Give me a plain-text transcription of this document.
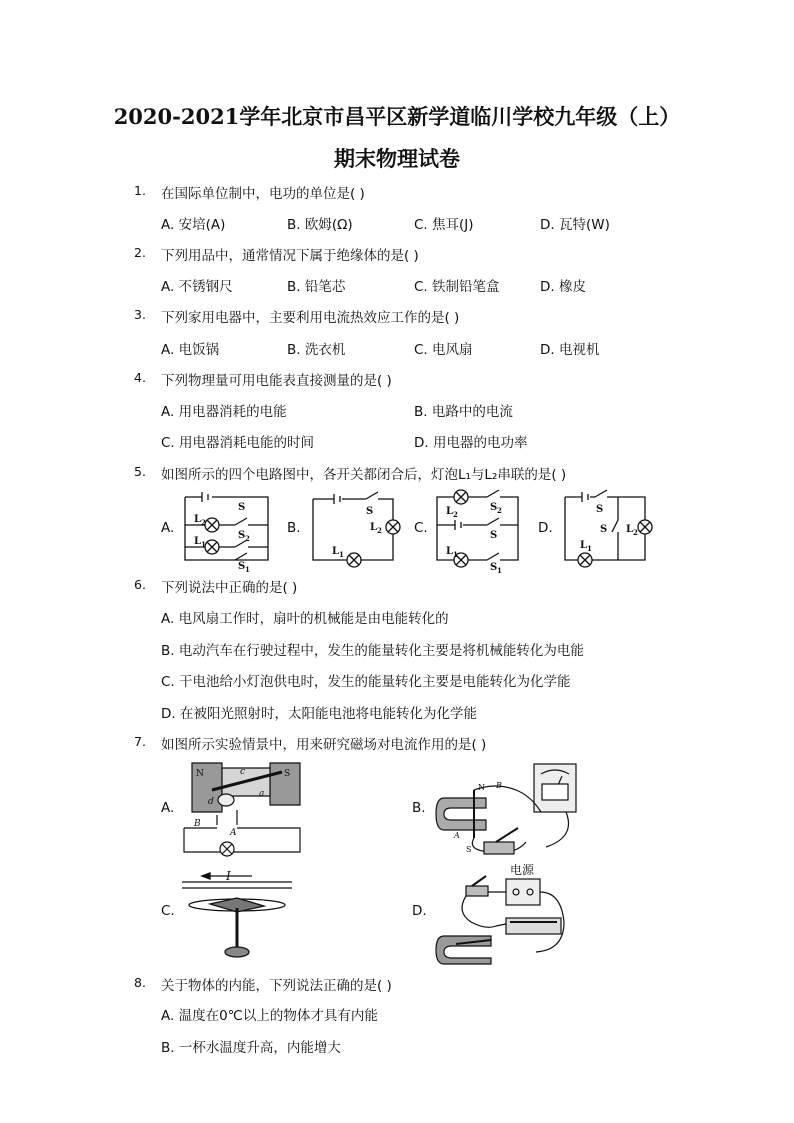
2020-2021学年北京市昌平区新学道临川学校九年级（上）
期末物理试卷
1. 在国际单位制中，电功的单位是( )
A. 安培(A)	B. 欧姆(Ω)	C. 焦耳(J)	D. 瓦特(W)
2. 下列用品中，通常情况下属于绝缘体的是( )
A. 不锈钢尺	B. 铅笔芯	C. 铁制铅笔盒	D. 橡皮
3. 下列家用电器中，主要利用电流热效应工作的是( )
A. 电饭锅	B. 洗衣机	C. 电风扇	D. 电视机
4. 下列物理量可用电能表直接测量的是( )
A. 用电器消耗的电能	B. 电路中的电流
C. 用电器消耗电能的时间	D. 用电器的电功率
5. 如图所示的四个电路图中，各开关都闭合后，灯泡L₁与L₂串联的是( )
A.	B.	C.	D.
S
L 2
S 2
L 1
S 1
S
L 2
L 1
L 2
S 2
S
L 1
S 1
S
S L 2
L 1
6. 下列说法中正确的是( )
A. 电风扇工作时，扇叶的机械能是由电能转化的
B. 电动汽车在行驶过程中，发生的能量转化主要是将机械能转化为电能
C. 干电池给小灯泡供电时，发生的能量转化主要是电能转化为化学能
D. 在被阳光照射时，太阳能电池将电能转化为化学能
7. 如图所示实验情景中，用来研究磁场对电流作用的是( )
A.	B.
C.	D.
N	S
c
d
a
B
A
N
S
B
A
I	电源
8. 关于物体的内能，下列说法正确的是( )
A. 温度在0℃以上的物体才具有内能
B. 一杯水温度升高，内能增大
